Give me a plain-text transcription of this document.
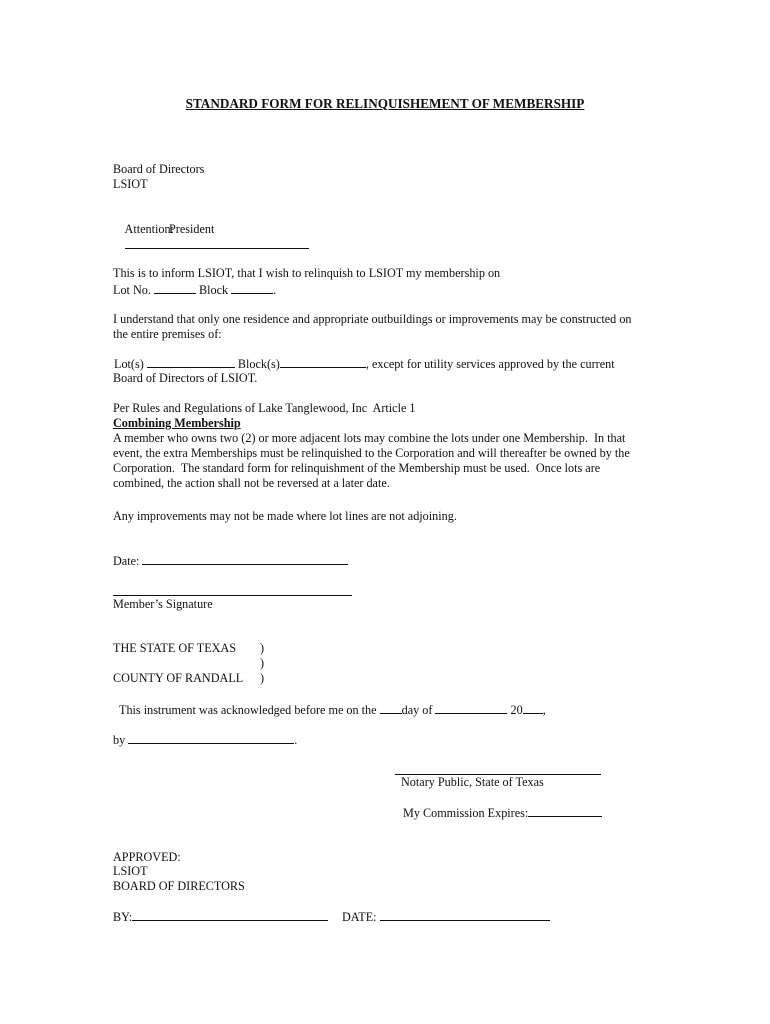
STANDARD FORM FOR RELINQUISHEMENT OF MEMBERSHIP
Board of Directors
LSIOT

Attention:

President
This is to inform LSIOT, that I wish to relinquish to LSIOT my membership on
Lot No.	Block	.
I understand that only one residence and appropriate outbuildings or improvements may be constructed on
the entire premises of:
Lot(s)	Block(s)	, except for utility services approved by the current
Board of Directors of LSIOT.
Per Rules and Regulations of Lake Tanglewood, Inc  Article 1
Combining Membership
A member who owns two (2) or more adjacent lots may combine the lots under one Membership.  In that
event, the extra Memberships must be relinquished to the Corporation and will thereafter be owned by the
Corporation.  The standard form for relinquishment of the Membership must be used.  Once lots are
combined, the action shall not be reversed at a later date.
Any improvements may not be made where lot lines are not adjoining.
Date:
Member’s Signature
THE STATE OF TEXAS )
)
COUNTY OF RANDALL )
This instrument was acknowledged before me on the day of	20 ,
by	.
Notary Public, State of Texas
My Commission Expires:
APPROVED:
LSIOT
BOARD OF DIRECTORS
BY:	DATE:
